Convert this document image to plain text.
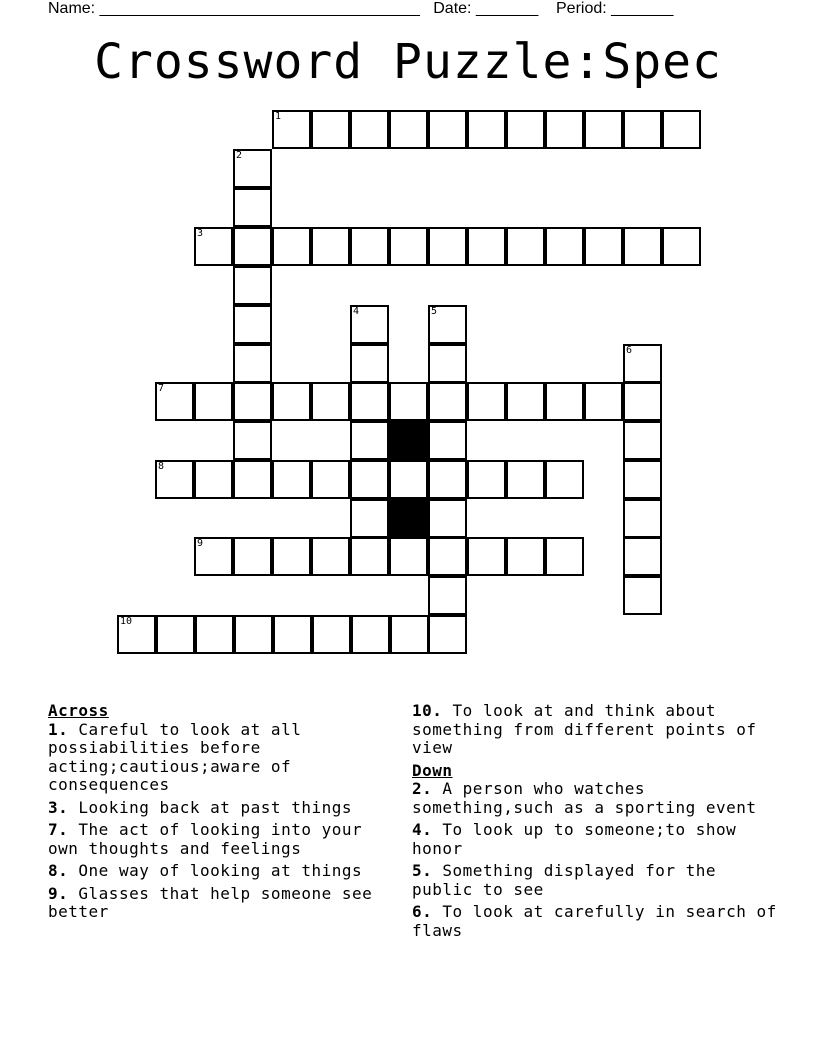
Name: ____________________________________   Date: _______    Period: _______
Crossword Puzzle:Spec
1
2
3
4	5
6
7
8
9
10
Across
1. Careful to look at all possiabilities before acting;cautious;aware of consequences
3. Looking back at past things
7. The act of looking into your own thoughts and feelings
8. One way of looking at things
9. Glasses that help someone see better
10. To look at and think about something from different points of view
Down
2. A person who watches something,such as a sporting event
4. To look up to someone;to show honor
5. Something displayed for the public to see
6. To look at carefully in search of flaws
